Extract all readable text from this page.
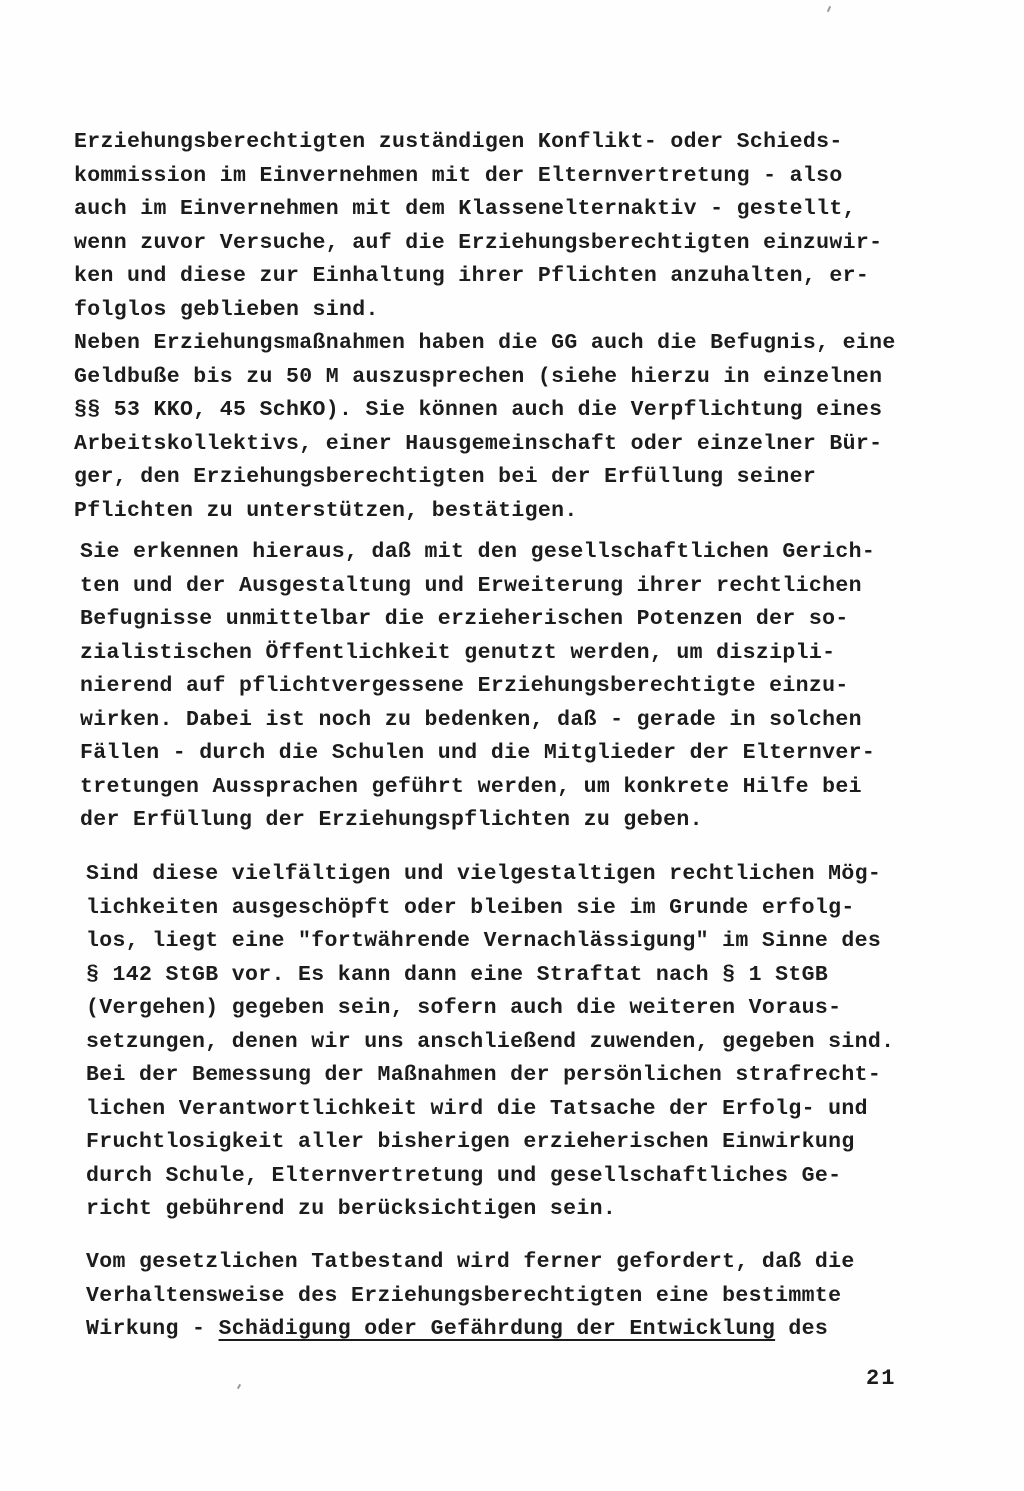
Erziehungsberechtigten zuständigen Konflikt- oder Schieds-
kommission im Einvernehmen mit der Elternvertretung - also
auch im Einvernehmen mit dem Klassenelternaktiv - gestellt,
wenn zuvor Versuche, auf die Erziehungsberechtigten einzuwir-
ken und diese zur Einhaltung ihrer Pflichten anzuhalten, er-
folglos geblieben sind.
Neben Erziehungsmaßnahmen haben die GG auch die Befugnis, eine
Geldbuße bis zu 50 M auszusprechen (siehe hierzu in einzelnen
§§ 53 KKO, 45 SchKO). Sie können auch die Verpflichtung eines
Arbeitskollektivs, einer Hausgemeinschaft oder einzelner Bür-
ger, den Erziehungsberechtigten bei der Erfüllung seiner
Pflichten zu unterstützen, bestätigen.
Sie erkennen hieraus, daß mit den gesellschaftlichen Gerich-
ten und der Ausgestaltung und Erweiterung ihrer rechtlichen
Befugnisse unmittelbar die erzieherischen Potenzen der so-
zialistischen Öffentlichkeit genutzt werden, um diszipli-
nierend auf pflichtvergessene Erziehungsberechtigte einzu-
wirken. Dabei ist noch zu bedenken, daß - gerade in solchen
Fällen - durch die Schulen und die Mitglieder der Elternver-
tretungen Aussprachen geführt werden, um konkrete Hilfe bei
der Erfüllung der Erziehungspflichten zu geben.
Sind diese vielfältigen und vielgestaltigen rechtlichen Mög-
lichkeiten ausgeschöpft oder bleiben sie im Grunde erfolg-
los, liegt eine "fortwährende Vernachlässigung" im Sinne des
§ 142 StGB vor. Es kann dann eine Straftat nach § 1 StGB
(Vergehen) gegeben sein, sofern auch die weiteren Voraus-
setzungen, denen wir uns anschließend zuwenden, gegeben sind.
Bei der Bemessung der Maßnahmen der persönlichen strafrecht-
lichen Verantwortlichkeit wird die Tatsache der Erfolg- und
Fruchtlosigkeit aller bisherigen erzieherischen Einwirkung
durch Schule, Elternvertretung und gesellschaftliches Ge-
richt gebührend zu berücksichtigen sein.
Vom gesetzlichen Tatbestand wird ferner gefordert, daß die
Verhaltensweise des Erziehungsberechtigten eine bestimmte
Wirkung - Schädigung oder Gefährdung der Entwicklung des
21
